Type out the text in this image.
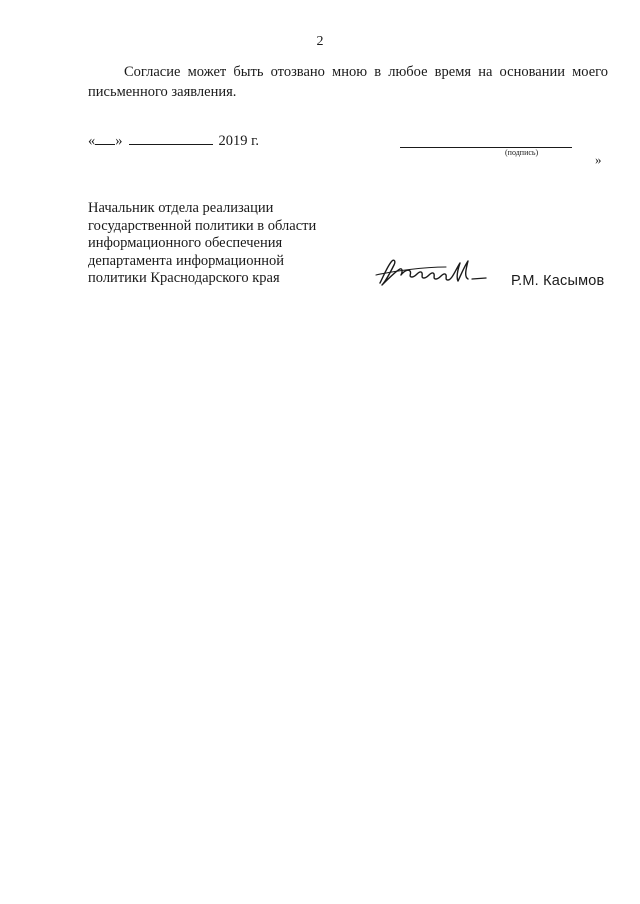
2

Согласие может быть отозвано мною в любое время на основании моего письменного заявления.

« »	2019 г.
(подпись)	»
Начальник отдела реализации
государственной политики в области
информационного обеспечения
департамента информационной
политики Краснодарского края	Р.М. Касымов
